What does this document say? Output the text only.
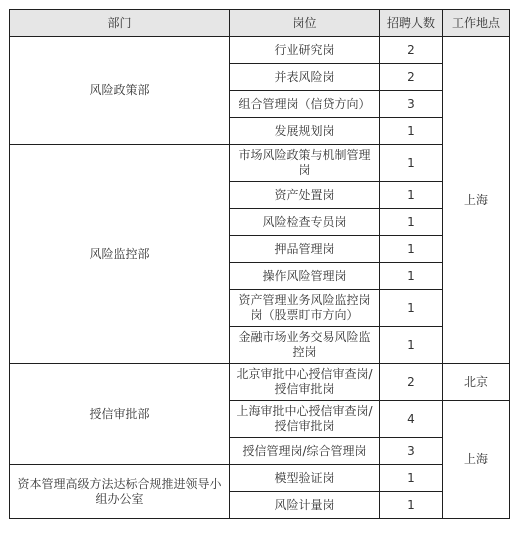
部门	岗位	招聘人数	工作地点
风险政策部	行业研究岗	2	上海
	并表风险岗	2	
	组合管理岗（信贷方向）	3	
	发展规划岗	1	
风险监控部	市场风险政策与机制管理岗	1	
	资产处置岗	1	
	风险检查专员岗	1	
	押品管理岗	1	
	操作风险管理岗	1	
	资产管理业务风险监控岗岗（股票盯市方向）	1	
	金融市场业务交易风险监控岗	1	
授信审批部	北京审批中心授信审查岗/授信审批岗	2	北京
	上海审批中心授信审查岗/授信审批岗	4	上海
	授信管理岗/综合管理岗	3	
资本管理高级方法达标合规推进领导小组办公室	模型验证岗	1	
	风险计量岗	1	
